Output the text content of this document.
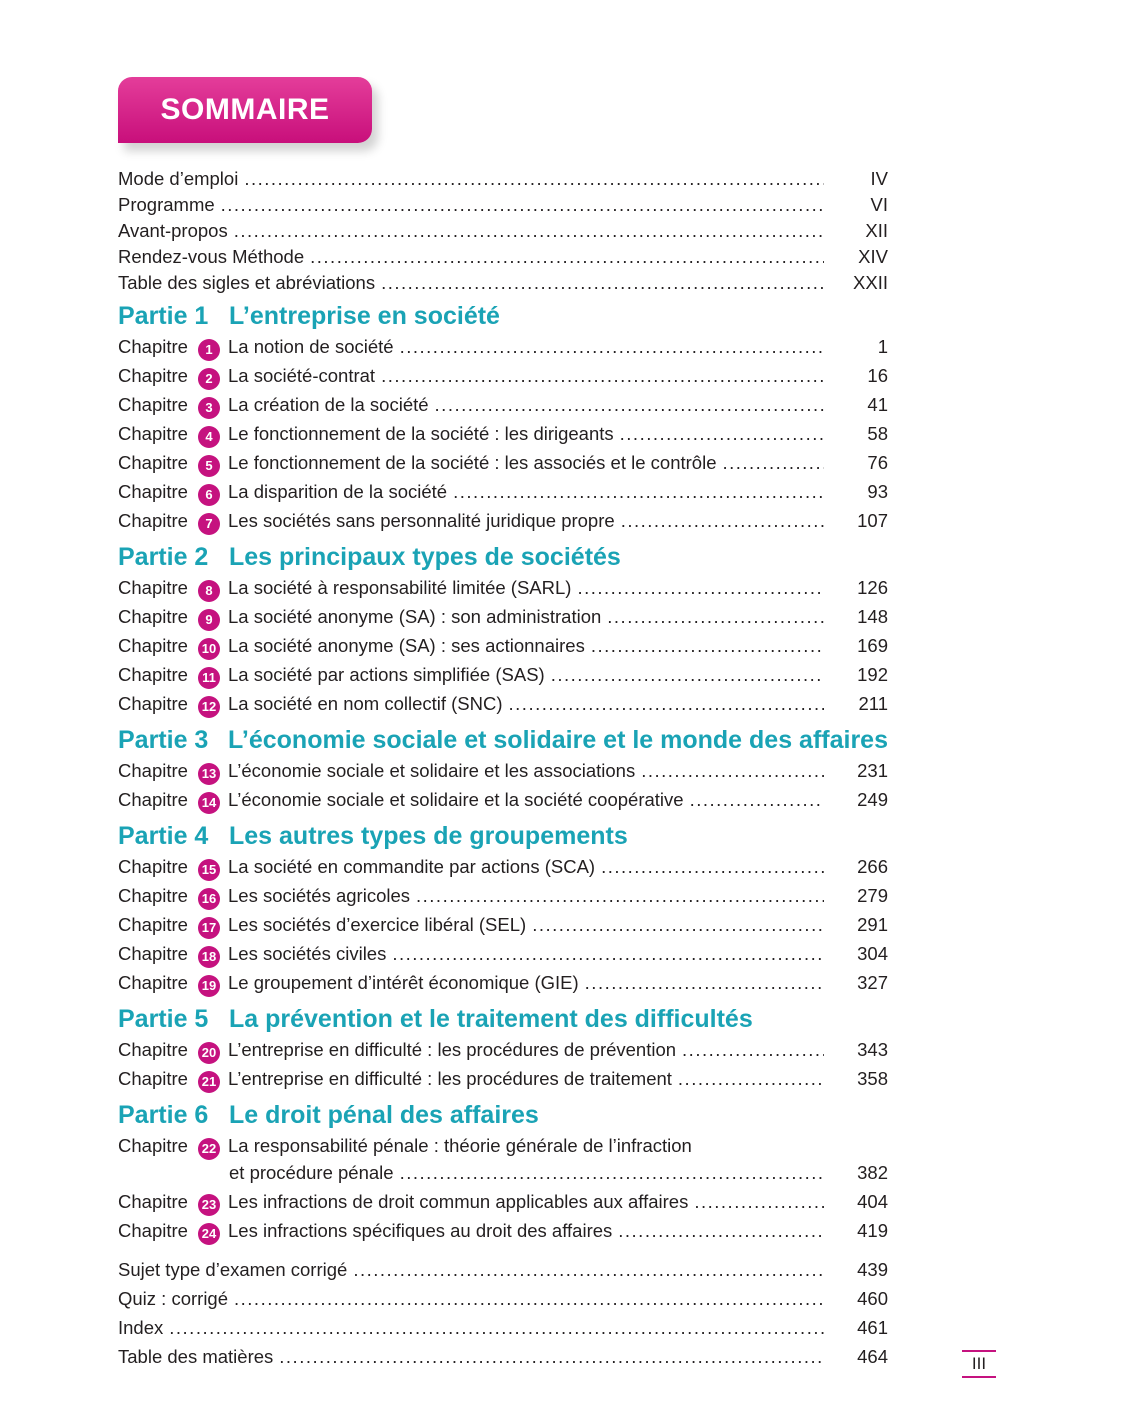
SOMMAIRE
Mode d’emploi .....	IV
Programme .....	VI
Avant-propos .....	XII
Rendez-vous Méthode .....	XIV
Table des sigles et abréviations .....	XXII
Partie 1 L’entreprise en société
Chapitre	1 La notion de société .....	1
Chapitre	2 La société-contrat .....	16
Chapitre	3 La création de la société .....	41
Chapitre	4 Le fonctionnement de la société : les dirigeants .....	58
Chapitre	5 Le fonctionnement de la société : les associés et le contrôle .....	76
Chapitre	6 La disparition de la société .....	93
Chapitre	7 Les sociétés sans personnalité juridique propre .....	107
Partie 2 Les principaux types de sociétés
Chapitre	8 La société à responsabilité limitée (SARL) .....	126
Chapitre	9 La société anonyme (SA) : son administration .....	148
Chapitre	10 La société anonyme (SA) : ses actionnaires .....	169
Chapitre	11 La société par actions simplifiée (SAS) .....	192
Chapitre	12 La société en nom collectif (SNC) .....	211
Partie 3 L’économie sociale et solidaire et le monde des affaires
Chapitre	13 L’économie sociale et solidaire et les associations .....	231
Chapitre	14 L’économie sociale et solidaire et la société coopérative .....	249
Partie 4 Les autres types de groupements
Chapitre	15 La société en commandite par actions (SCA) .....	266
Chapitre	16 Les sociétés agricoles .....	279
Chapitre	17 Les sociétés d’exercice libéral (SEL) .....	291
Chapitre	18 Les sociétés civiles .....	304
Chapitre	19 Le groupement d’intérêt économique (GIE) .....	327
Partie 5 La prévention et le traitement des difficultés
Chapitre	20 L’entreprise en difficulté : les procédures de prévention .....	343
Chapitre	21 L’entreprise en difficulté : les procédures de traitement .....	358
Partie 6 Le droit pénal des affaires
Chapitre	22 La responsabilité pénale : théorie générale de l’infraction
et procédure pénale .....	382
Chapitre	23 Les infractions de droit commun applicables aux affaires .....	404
Chapitre	24 Les infractions spécifiques au droit des affaires .....	419
Sujet type d’examen corrigé .....	439
Quiz : corrigé .....	460
Index .....	461
Table des matières .....	464	III
